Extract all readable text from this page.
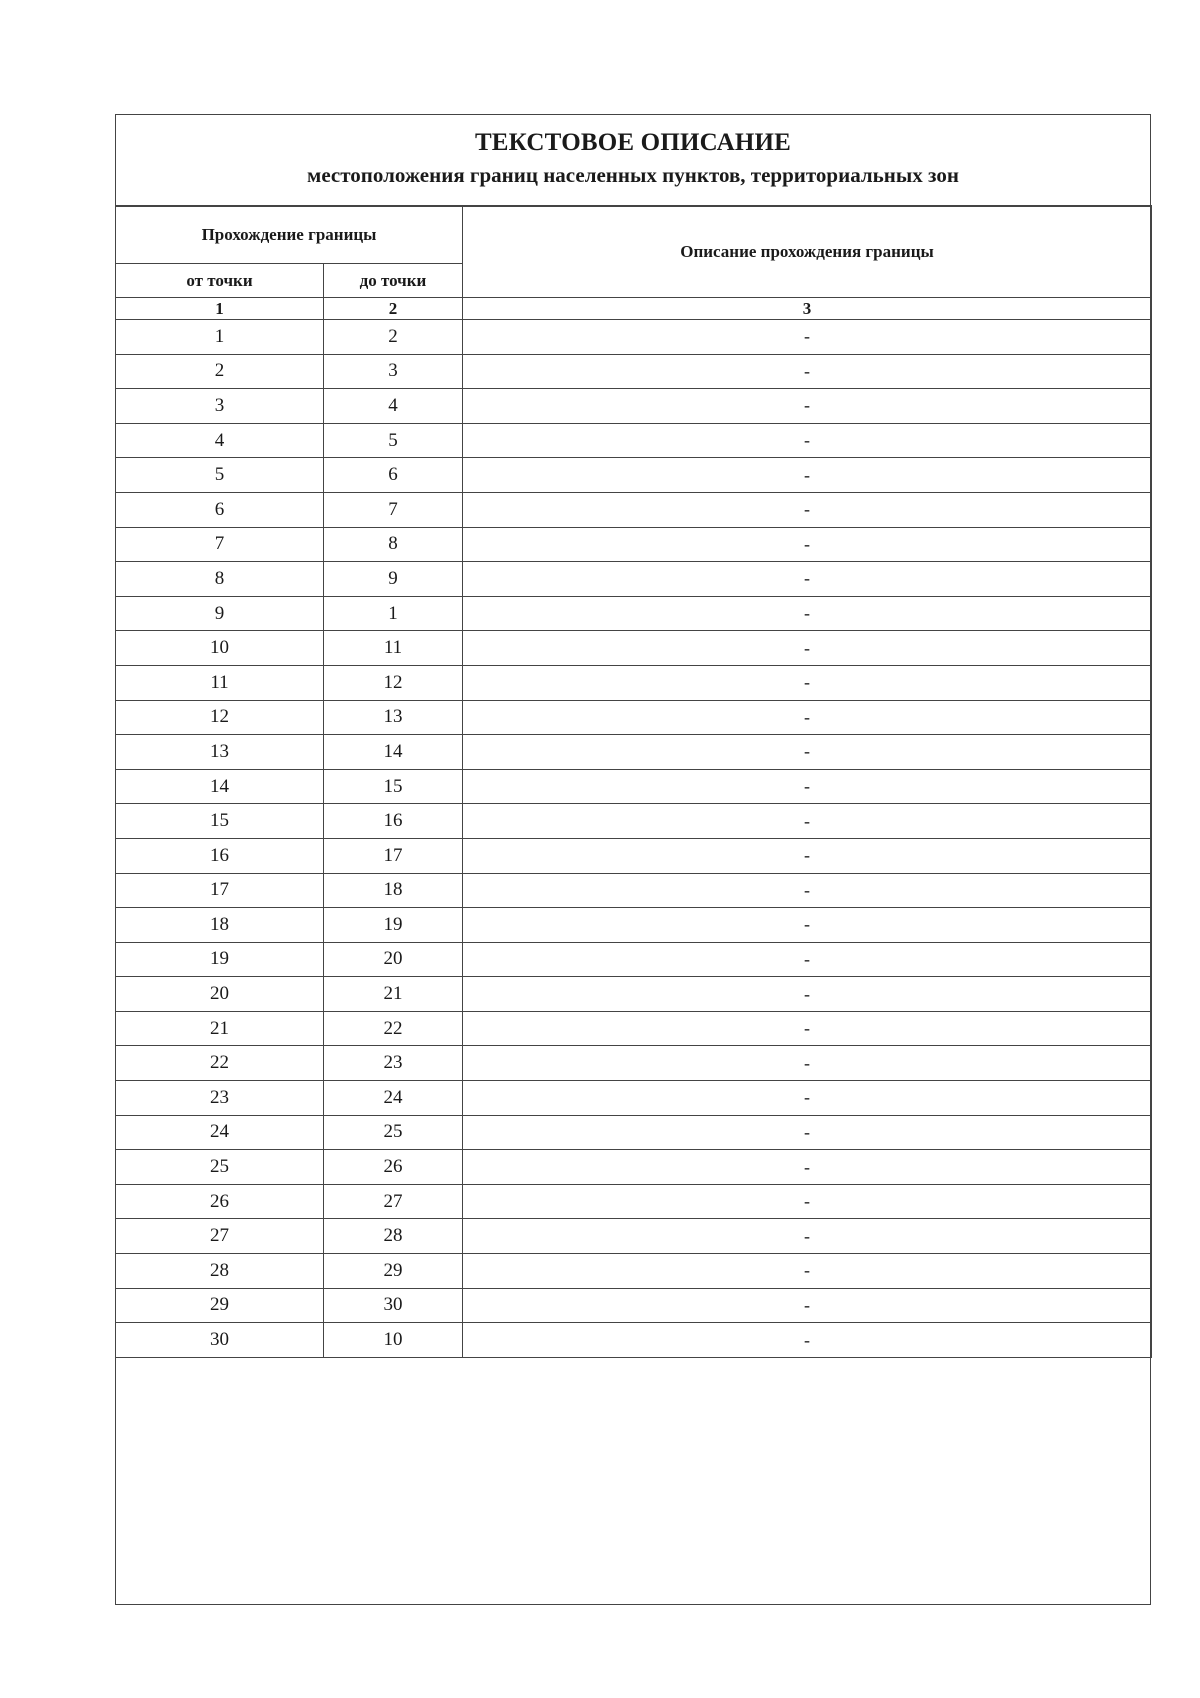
ТЕКСТОВОЕ ОПИСАНИЕ
местоположения границ населенных пунктов, территориальных зон
Прохождение границы		Описание прохождения границы
от точки	до точки	
1	2	3
1	2	-
2	3	-
3	4	-
4	5	-
5	6	-
6	7	-
7	8	-
8	9	-
9	1	-
10	11	-
11	12	-
12	13	-
13	14	-
14	15	-
15	16	-
16	17	-
17	18	-
18	19	-
19	20	-
20	21	-
21	22	-
22	23	-
23	24	-
24	25	-
25	26	-
26	27	-
27	28	-
28	29	-
29	30	-
30	10	-
